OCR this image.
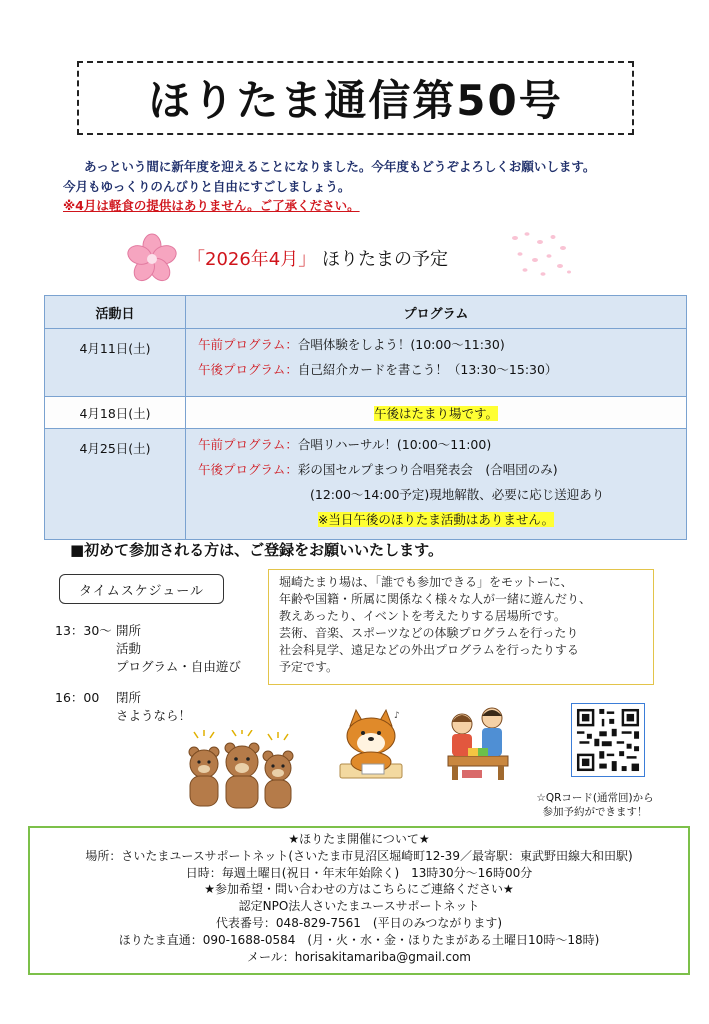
ほりたま通信第50号
あっという間に新年度を迎えることになりました。今年度もどうぞよろしくお願いします。
今月もゆっくりのんびりと自由にすごしましょう。
※4月は軽食の提供はありません。ご了承ください。
「2026年4月」 ほりたまの予定
活動日	プログラム
4月11日(土)	午前プログラム：合唱体験をしよう！(10:00～11:30)
午後プログラム：自己紹介カードを書こう！（13:30～15:30）

4月18日(土)	午後はたまり場です。
4月25日(土)	午前プログラム：合唱リハーサル！(10:00～11:00)
午後プログラム：彩の国セルプまつり合唱発表会　(合唱団のみ)
(12:00～14:00予定)現地解散、必要に応じ送迎あり
※当日午後のほりたま活動はありません。
■初めて参加される方は、ご登録をお願いいたします。
タイムスケジュール
13：30～ 開所
活動
プログラム・自由遊び
16：00 閉所
さようなら！
堀崎たまり場は、「誰でも参加できる」をモットーに、
年齢や国籍・所属に関係なく様々な人が一緒に遊んだり、
教えあったり、イベントを考えたりする居場所です。
芸術、音楽、スポーツなどの体験プログラムを行ったり
社会科見学、遠足などの外出プログラムを行ったりする
予定です。
♪
☆QRコード(通常回)から
参加予約ができます！
★ほりたま開催について★
場所：さいたまユースサポートネット(さいたま市見沼区堀崎町12-39／最寄駅：東武野田線大和田駅)
日時：毎週土曜日(祝日・年末年始除く)　13時30分～16時00分
★参加希望・問い合わせの方はこちらにご連絡ください★
認定NPO法人さいたまユースサポートネット
代表番号：048-829-7561　(平日のみつながります)
ほりたま直通：090-1688-0584　(月・火・水・金・ほりたまがある土曜日10時～18時)
メール：horisakitamariba@gmail.com
